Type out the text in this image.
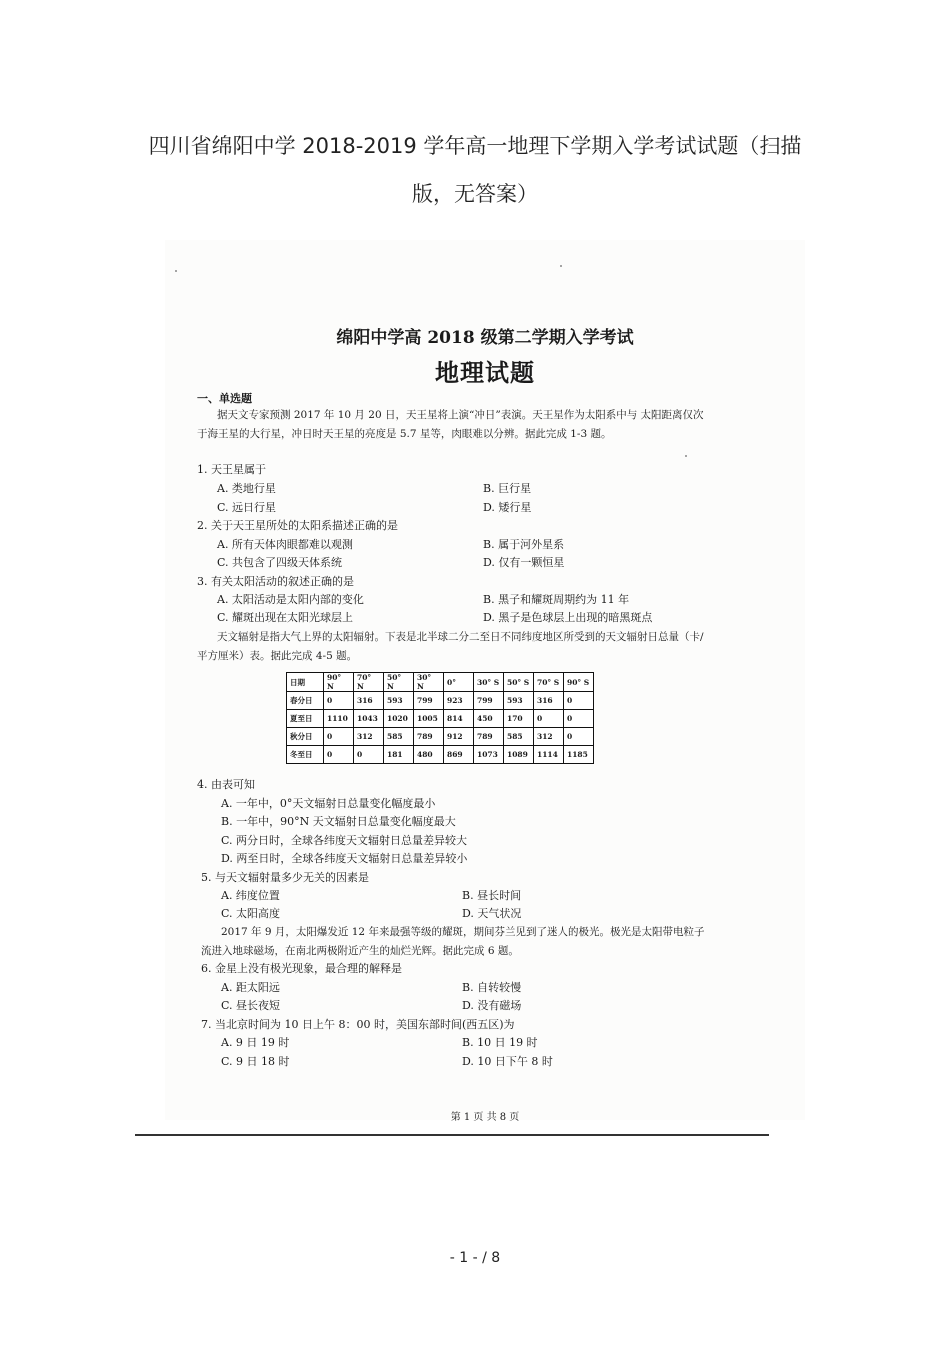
四川省绵阳中学 2018-2019 学年高一地理下学期入学考试试题（扫描
版，无答案）
绵阳中学高 2018 级第二学期入学考试
地理试题
一、单选题
据天文专家预测 2017 年 10 月 20 日，天王星将上演“冲日”表演。天王星作为太阳系中与 太阳距离仅次于海王星的大行星，冲日时天王星的亮度是 5.7 星等，肉眼难以分辨。据此完成 1-3 题。
1. 天王星属于
A. 类地行星	B. 巨行星
C. 远日行星	D. 矮行星
2. 关于天王星所处的太阳系描述正确的是
A. 所有天体肉眼都难以观测	B. 属于河外星系
C. 共包含了四级天体系统	D. 仅有一颗恒星
3. 有关太阳活动的叙述正确的是
A. 太阳活动是太阳内部的变化	B. 黑子和耀斑周期约为 11 年
C. 耀斑出现在太阳光球层上	D. 黑子是色球层上出现的暗黑斑点
天文辐射是指大气上界的太阳辐射。下表是北半球二分二至日不同纬度地区所受到的天文辐射日总量（卡/平方厘米）表。据此完成 4-5 题。
日期	90° N	70° N	50° N	30° N	0°	30° S	50° S	70° S	90° S
春分日	0	316	593	799	923	799	593	316	0
夏至日	1110	1043	1020	1005	814	450	170	0	0
秋分日	0	312	585	789	912	789	585	312	0
冬至日	0	0	181	480	869	1073	1089	1114	1185
4. 由表可知
A. 一年中，0°天文辐射日总量变化幅度最小
B. 一年中，90°N 天文辐射日总量变化幅度最大
C. 两分日时，全球各纬度天文辐射日总量差异较大
D. 两至日时，全球各纬度天文辐射日总量差异较小
5. 与天文辐射量多少无关的因素是
A. 纬度位置	B. 昼长时间
C. 太阳高度	D. 天气状况
2017 年 9 月，太阳爆发近 12 年来最强等级的耀斑，期间芬兰见到了迷人的极光。极光是太阳带电粒子流进入地球磁场，在南北两极附近产生的灿烂光辉。据此完成 6 题。
6. 金星上没有极光现象，最合理的解释是
A. 距太阳远	B. 自转较慢
C. 昼长夜短	D. 没有磁场
7. 当北京时间为 10 日上午 8：00 时，美国东部时间(西五区)为
A. 9 日 19 时	B. 10 日 19 时
C. 9 日 18 时	D. 10 日下午 8 时
第 1 页 共 8 页
- 1 - / 8
